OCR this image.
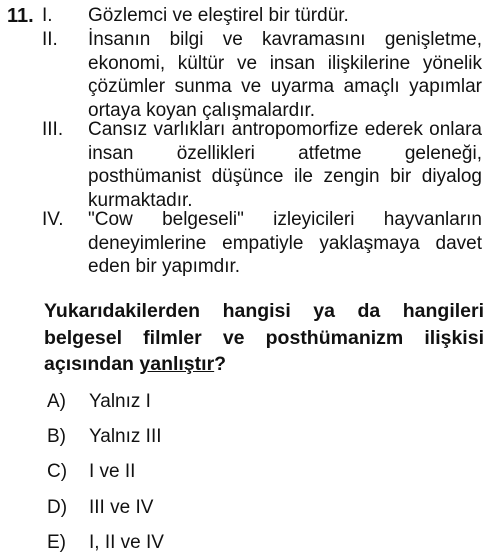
11. I.	Gözlemci ve eleştirel bir türdür.
II.	İnsanın bilgi ve kavramasını genişletme, ekonomi, kültür ve insan ilişkilerine yönelik çözümler sunma ve uyarma amaçlı yapımlar ortaya koyan çalışmalardır.
III.	Cansız varlıkları antropomorfize ederek onlara insan özellikleri atfetme geleneği, posthümanist düşünce ile zengin bir diyalog kurmaktadır.
IV.	"Cow belgeseli" izleyicileri hayvanların deneyimlerine empatiyle yaklaşmaya davet eden bir yapımdır.
Yukarıdakilerden hangisi ya da hangileri belgesel filmler ve posthümanizm ilişkisi açısından yanlıştır?
A)	Yalnız I
B)	Yalnız III
C)	I ve II
D)	III ve IV
E)	I, II ve IV
